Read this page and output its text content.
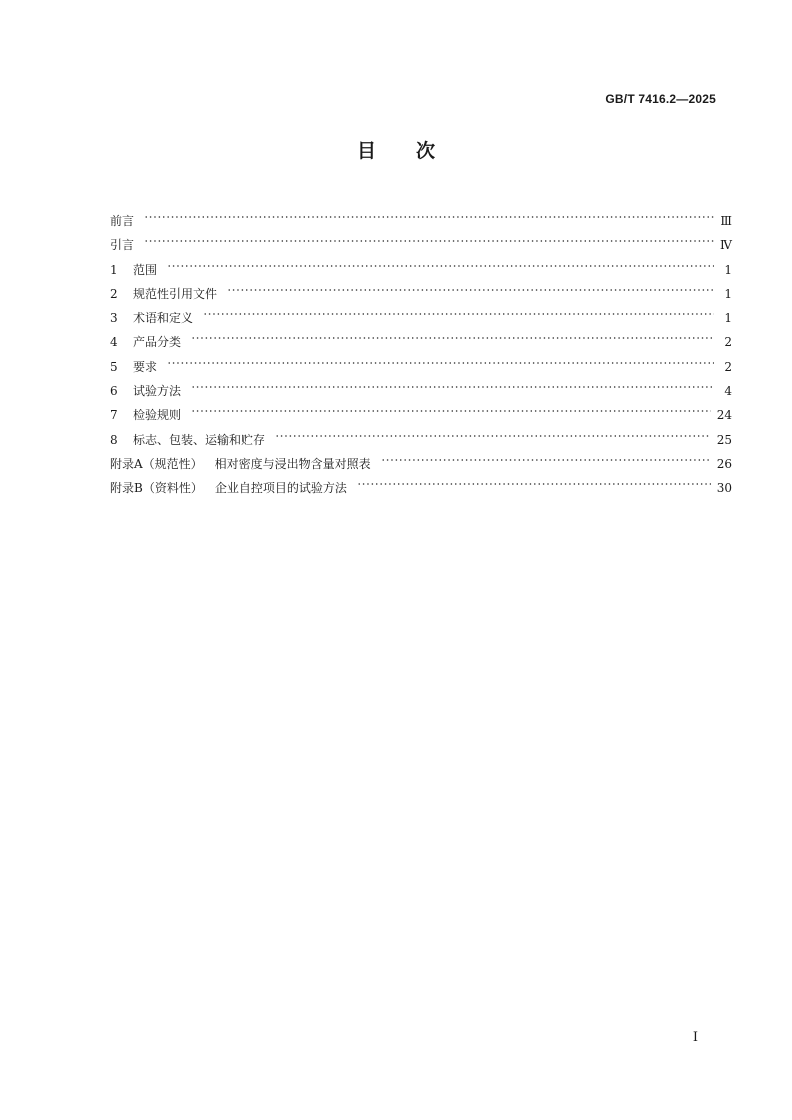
GB/T 7416.2—2025
目 次
前言	Ⅲ
引言	Ⅳ
1	范围	1
2	规范性引用文件	1
3	术语和定义	1
4	产品分类	2
5	要求	2
6	试验方法	4
7	检验规则	24
8	标志、包装、运输和贮存	25
附录A（规范性） 相对密度与浸出物含量对照表	26
附录B（资料性） 企业自控项目的试验方法	30
Ⅰ
